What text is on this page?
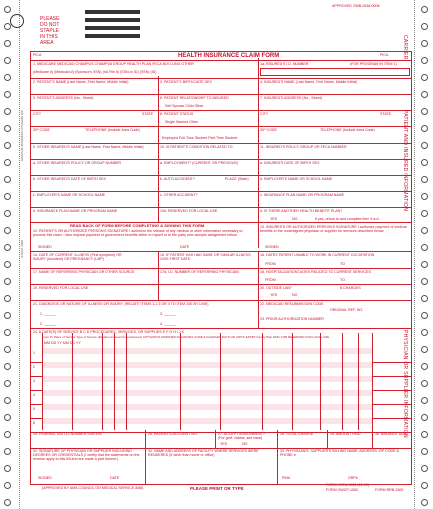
GRAPHIC BUSINESS SYSTEMS INC
STOCK 1500
PLEASE
DO NOT
STAPLE
IN THIS
AREA
APPROVED OMB-0938-0008
PICA	HEALTH INSURANCE CLAIM FORM	PICA
1. MEDICARE MEDICAID CHAMPUS CHAMPVA GROUP HEALTH PLAN FECA BLK LUNG OTHER
(Medicare #) (Medicaid #) (Sponsor's SSN) (VA File #) (SSN or ID) (SSN) (ID)
1a. INSURED'S I.D. NUMBER	(FOR PROGRAM IN ITEM 1)
2. PATIENT'S NAME (Last Name, First Name, Middle Initial)	3. PATIENT'S BIRTH DATE SEX	4. INSURED'S NAME (Last Name, First Name, Middle Initial)
5. PATIENT'S ADDRESS (No., Street)	6. PATIENT RELATIONSHIP TO INSURED
Self Spouse Child Other
7. INSURED'S ADDRESS (No., Street)
CITY	STATE 8. PATIENT STATUS
Single Married Other
CITY	STATE
ZIP CODE	TELEPHONE (Include Area Code)
Employed Full-Time Student Part-Time Student
ZIP CODE	TELEPHONE (Include Area Code)
9. OTHER INSURED'S NAME (Last Name, First Name, Middle Initial)	10. IS PATIENT'S CONDITION RELATED TO:	11. INSURED'S POLICY GROUP OR FECA NUMBER
a. OTHER INSURED'S POLICY OR GROUP NUMBER	a. EMPLOYMENT? (CURRENT OR PREVIOUS)	a. INSURED'S DATE OF BIRTH SEX
b. OTHER INSURED'S DATE OF BIRTH SEX	b. AUTO ACCIDENT?	PLACE (State)	b. EMPLOYER'S NAME OR SCHOOL NAME
c. EMPLOYER'S NAME OR SCHOOL NAME	c. OTHER ACCIDENT?	c. INSURANCE PLAN NAME OR PROGRAM NAME
d. INSURANCE PLAN NAME OR PROGRAM NAME	10d. RESERVED FOR LOCAL USE	d. IS THERE ANOTHER HEALTH BENEFIT PLAN?
YES	NO	If yes, return to and complete item 9 a-d.
READ BACK OF FORM BEFORE COMPLETING & SIGNING THIS FORM.
12. PATIENT'S OR AUTHORIZED PERSON'S SIGNATURE I authorize the release of any medical or other information necessary to process this claim. I also request payment of government benefits either to myself or to the party who accepts assignment below.
13. INSURED'S OR AUTHORIZED PERSON'S SIGNATURE I authorize payment of medical benefits to the undersigned physician or supplier for services described below.
SIGNED	DATE	SIGNED
14. DATE OF CURRENT: ILLNESS (First symptom) OR INJURY (Accident) OR PREGNANCY (LMP)
15. IF PATIENT HAS HAD SAME OR SIMILAR ILLNESS, GIVE FIRST DATE
16. DATES PATIENT UNABLE TO WORK IN CURRENT OCCUPATION
FROM	TO
17. NAME OF REFERRING PHYSICIAN OR OTHER SOURCE	17a. I.D. NUMBER OF REFERRING PHYSICIAN	18. HOSPITALIZATION DATES RELATED TO CURRENT SERVICES
FROM	TO
19. RESERVED FOR LOCAL USE	20. OUTSIDE LAB?	$ CHARGES
YES	NO
21. DIAGNOSIS OR NATURE OF ILLNESS OR INJURY. (RELATE ITEMS 1,2,3 OR 4 TO ITEM 24E BY LINE)	22. MEDICAID RESUBMISSION CODE
ORIGINAL REF. NO.
23. PRIOR AUTHORIZATION NUMBER
1. ______	3. ______
2. ______	4. ______
24. A DATE(S) OF SERVICE B C D PROCEDURES, SERVICES, OR SUPPLIES E F G H I J K
From To Place of Service Type of Service (Explain Unusual Circumstances) CPT/HCPCS MODIFIER DIAGNOSIS CODE $ CHARGES DAYS OR UNITS EPSDT Family Plan EMG COB RESERVED FOR LOCAL USE
MM DD YY MM DD YY
1
2
3
4
5
6
25. FEDERAL TAX I.D. NUMBER SSN EIN	26. PATIENT'S ACCOUNT NO.	27. ACCEPT ASSIGNMENT? (For govt. claims, see back)
28. TOTAL CHARGE	29. AMOUNT PAID	30. BALANCE DUE
YES	NO
31. SIGNATURE OF PHYSICIAN OR SUPPLIER INCLUDING DEGREES OR CREDENTIALS (I certify that the statements on the reverse apply to this bill and are made a part thereof.)
32. NAME AND ADDRESS OF FACILITY WHERE SERVICES WERE RENDERED (If other than home or office)
33. PHYSICIAN'S, SUPPLIER'S BILLING NAME, ADDRESS, ZIP CODE & PHONE #
SIGNED	DATE	PIN#	GRP#
(APPROVED BY AMA COUNCIL ON MEDICAL SERVICE 8/88)	PLEASE PRINT OR TYPE
FORM HCFA-1500 (12-90)
FORM OWCP-1500	FORM RRB-1500
CARRIER
PATIENT AND INSURED INFORMATION
PHYSICIAN OR SUPPLIER INFORMATION
